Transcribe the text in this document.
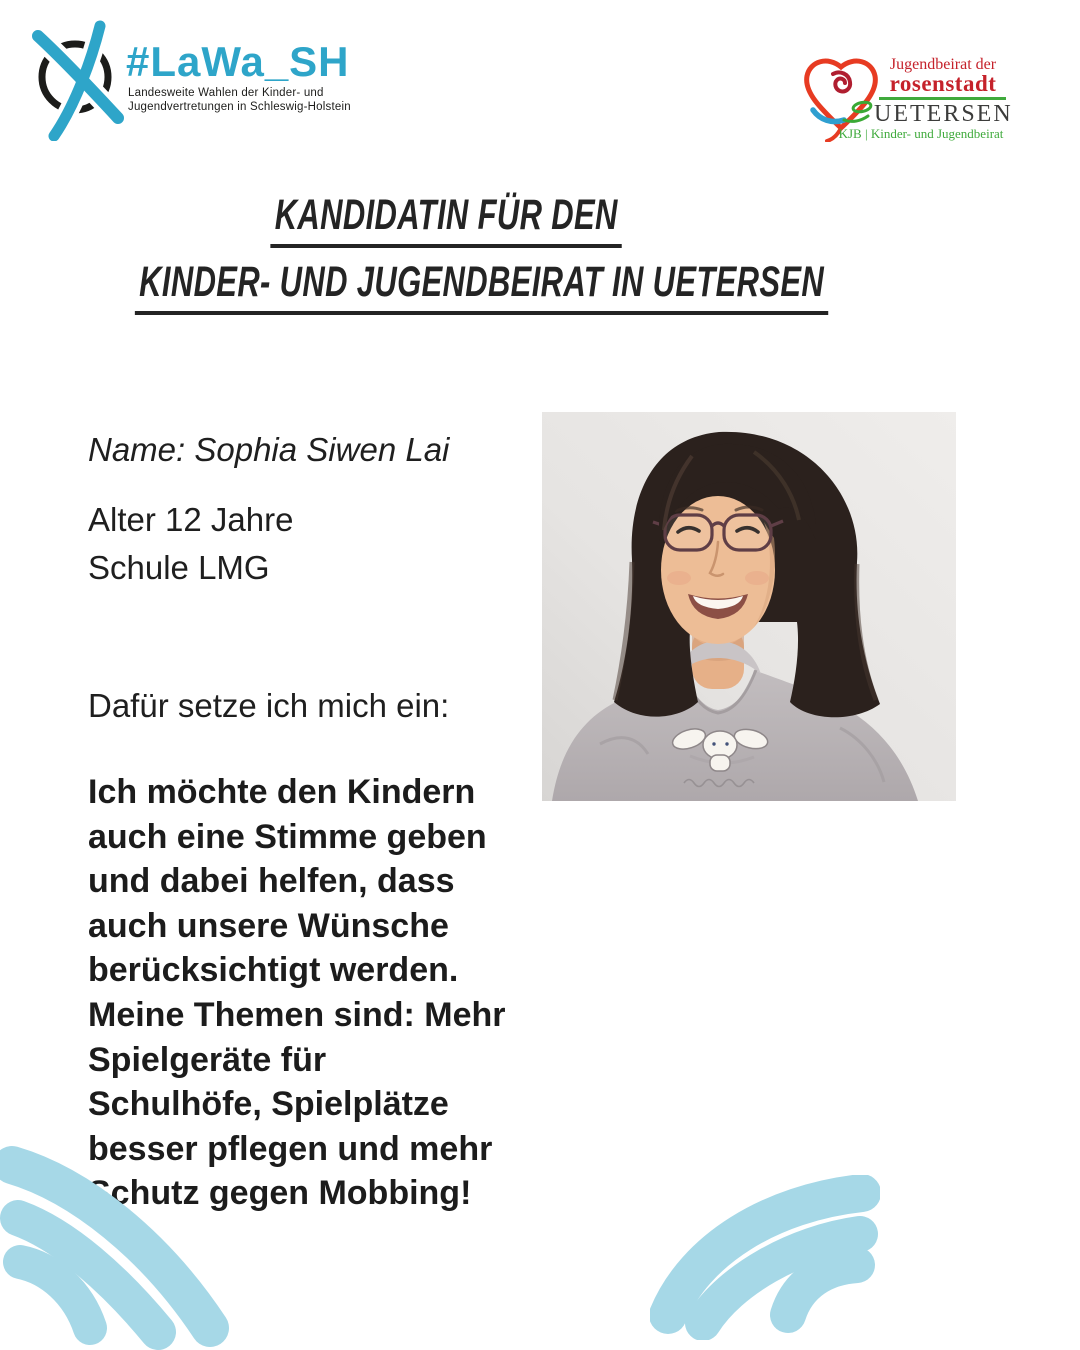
#LaWa_SH
Landesweite Wahlen der Kinder- und
Jugendvertretungen in Schleswig-Holstein
Jugendbeirat der
rosenstadt
UETERSEN
KJB | Kinder- und Jugendbeirat
KANDIDATIN FÜR DEN
KINDER- UND JUGENDBEIRAT IN UETERSEN
Name: Sophia Siwen Lai
Alter 12 Jahre
Schule LMG
Dafür setze ich mich ein:
Ich möchte den Kindern
auch eine Stimme geben
und dabei helfen, dass
auch unsere Wünsche
berücksichtigt werden.
Meine Themen sind: Mehr
Spielgeräte für
Schulhöfe, Spielplätze
besser pflegen und mehr
Schutz gegen Mobbing!
